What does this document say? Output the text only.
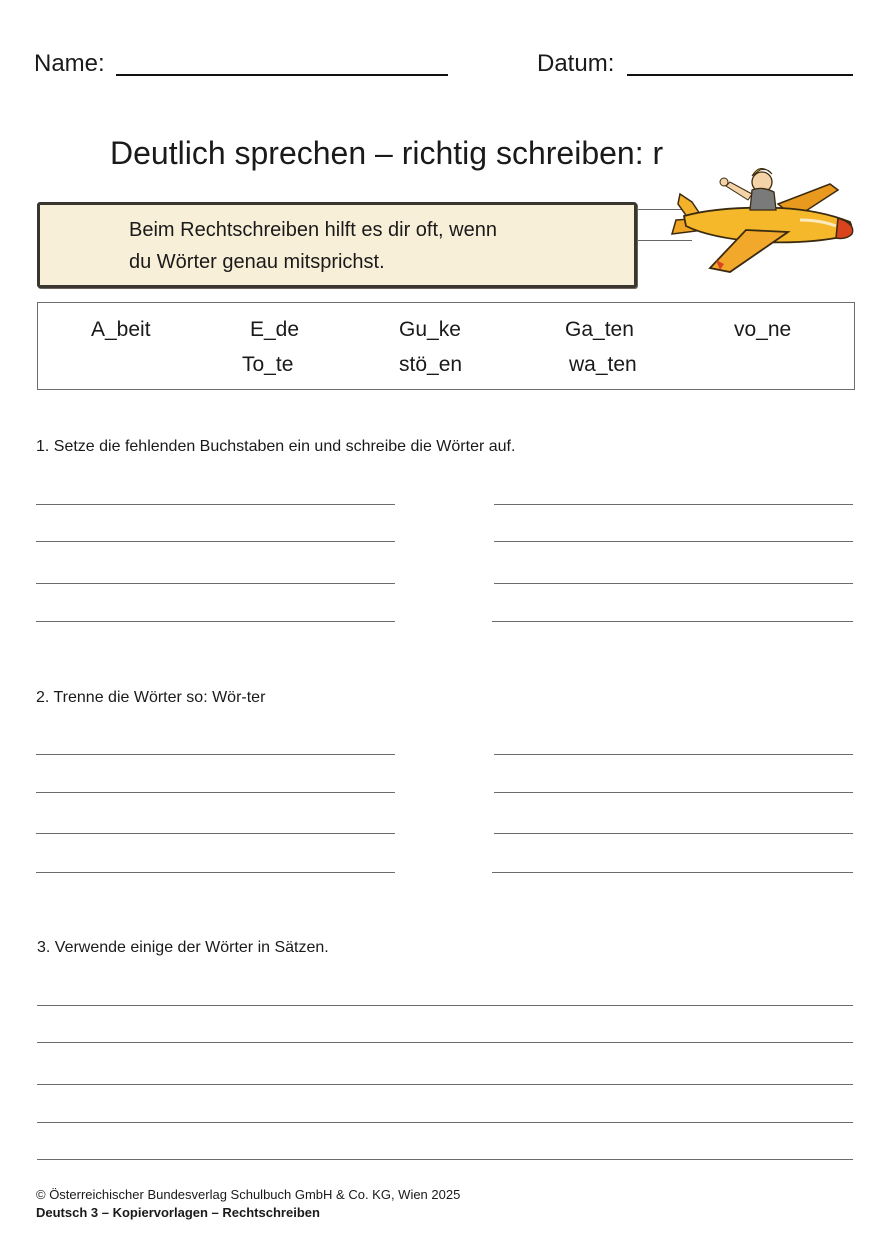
Name:	Datum:
Deutlich sprechen – richtig schreiben: r
Beim Rechtschreiben hilft es dir oft, wenn
du Wörter genau mitsprichst.
A_beit	E_de	Gu_ke	Ga_ten	vo_ne
To_te	stö_en	wa_ten
1. Setze die fehlenden Buchstaben ein und schreibe die Wörter auf.
2. Trenne die Wörter so: Wör-ter
3. Verwende einige der Wörter in Sätzen.
© Österreichischer Bundesverlag Schulbuch GmbH & Co. KG, Wien 2025
Deutsch 3 – Kopiervorlagen – Rechtschreiben
